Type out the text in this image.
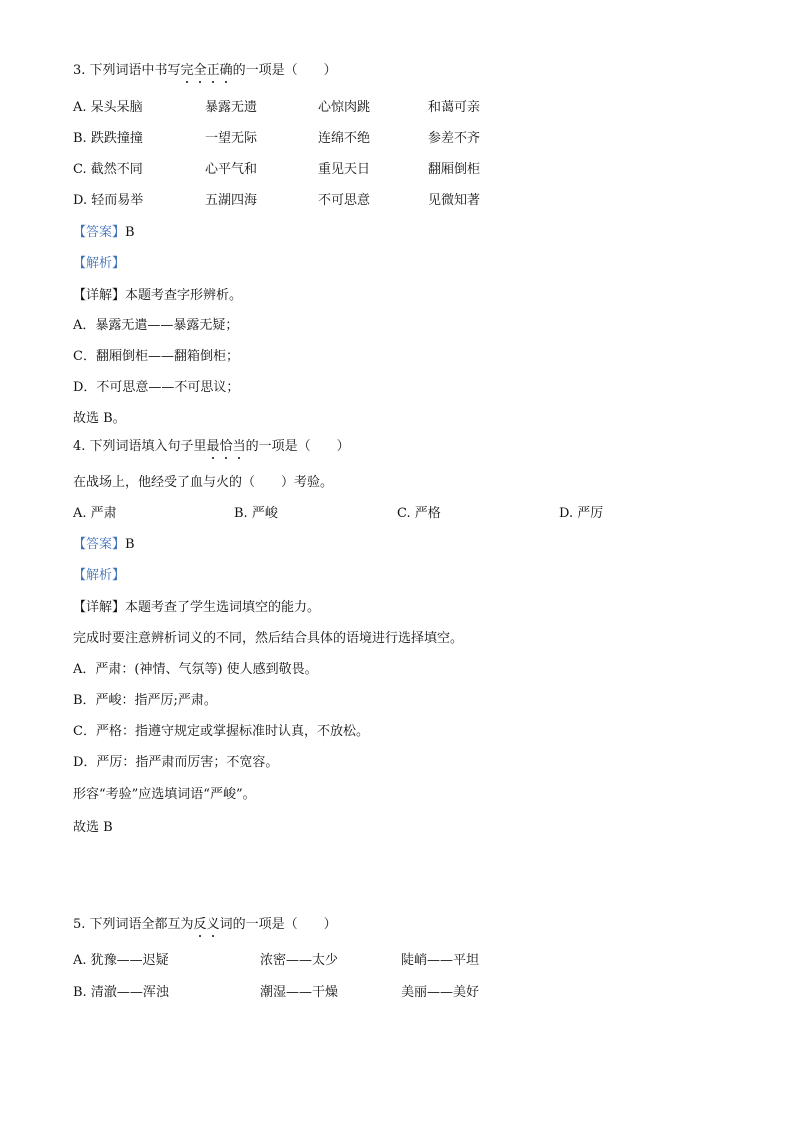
3. 下列词语中书写完全正确的一项是（　　）
A. 呆头呆脑	暴露无遗	心惊肉跳	和蔼可亲
B. 跌跌撞撞	一望无际	连绵不绝	参差不齐
C. 截然不同	心平气和	重见天日	翻厢倒柜
D. 轻而易举	五湖四海	不可思意	见微知著
【答案】B
【解析】
【详解】本题考查字形辨析。
A．暴露无遣——暴露无疑；
C．翻厢倒柜——翻箱倒柜；
D．不可思意——不可思议；
故选 B。
4. 下列词语填入句子里最恰当的一项是（　　）
在战场上，他经受了血与火的（　　）考验。
A. 严肃	B. 严峻	C. 严格	D. 严厉
【答案】B
【解析】
【详解】本题考查了学生选词填空的能力。
完成时要注意辨析词义的不同，然后结合具体的语境进行选择填空。
A．严肃：(神情、气氛等) 使人感到敬畏。
B．严峻：指严厉;严肃。
C．严格：指遵守规定或掌握标准时认真，不放松。
D．严厉：指严肃而厉害；不宽容。
形容“考验”应选填词语“严峻”。
故选 B
5. 下列词语全都互为反义词的一项是（　　）
A. 犹豫——迟疑	浓密——太少	陡峭——平坦
B. 清澈——浑浊	潮湿——干燥	美丽——美好
